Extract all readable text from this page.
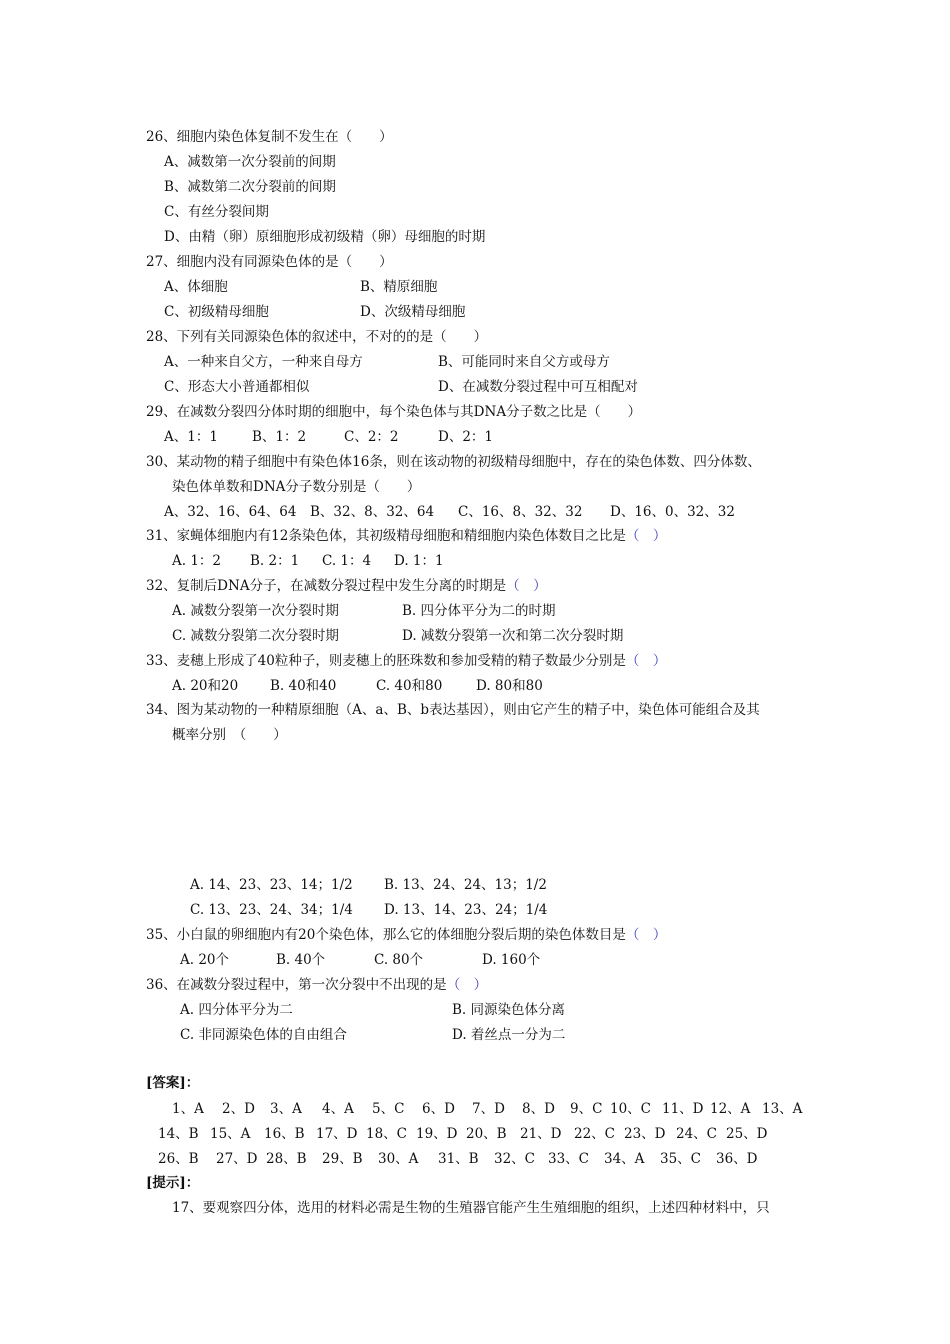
26、细胞内染色体复制不发生在（　　）
A、减数第一次分裂前的间期
B、减数第二次分裂前的间期
C、有丝分裂间期
D、由精（卵）原细胞形成初级精（卵）母细胞的时期
27、细胞内没有同源染色体的是（　　）
A、体细胞	B、精原细胞
C、初级精母细胞	D、次级精母细胞
28、下列有关同源染色体的叙述中，不对的的是（　　）
A、一种来自父方，一种来自母方	B、可能同时来自父方或母方
C、形态大小普通都相似	D、在减数分裂过程中可互相配对
29、在减数分裂四分体时期的细胞中，每个染色体与其DNA分子数之比是（　　）
A、1：1	B、1：2	C、2：2	D、2：1
30、某动物的精子细胞中有染色体16条，则在该动物的初级精母细胞中，存在的染色体数、四分体数、
染色体单数和DNA分子数分别是（　　）
A、32、16、64、64 B、32、8、32、64 C、16、8、32、32 D、16、0、32、32
31、家蝇体细胞内有12条染色体，其初级精母细胞和精细胞内染色体数目之比是（　）
A. 1：2 B. 2：1 C. 1：4 D. 1：1
32、复制后DNA分子，在减数分裂过程中发生分离的时期是（　）
A. 减数分裂第一次分裂时期	B. 四分体平分为二的时期
C. 减数分裂第二次分裂时期	D. 减数分裂第一次和第二次分裂时期
33、麦穗上形成了40粒种子，则麦穗上的胚珠数和参加受精的精子数最少分别是（　）
A. 20和20 B. 40和40	C. 40和80 D. 80和80
34、图为某动物的一种精原细胞（A、a、B、b表达基因），则由它产生的精子中，染色体可能组合及其
概率分别　（　　）
A. 14、23、23、14；1/2 B. 13、24、24、13；1/2
C. 13、23、24、34；1/4 D. 13、14、23、24；1/4
35、小白鼠的卵细胞内有20个染色体，那么它的体细胞分裂后期的染色体数目是（　）
A. 20个	B. 40个	C. 80个	D. 160个
36、在减数分裂过程中，第一次分裂中不出现的是（　）
A. 四分体平分为二	B. 同源染色体分离
C. 非同源染色体的自由组合	D. 着丝点一分为二
[答案]：
1、A 2、D 3、A 4、A 5、C 6、D 7、D 8、D 9、C 10、C 11、D 12、A 13、A
14、B 15、A 16、B 17、D 18、C 19、D 20、B 21、D 22、C 23、D 24、C 25、D
26、B 27、D 28、B 29、B 30、A 31、B 32、C 33、C 34、A 35、C 36、D
[提示]：
17、要观察四分体，选用的材料必需是生物的生殖器官能产生生殖细胞的组织，上述四种材料中，只
